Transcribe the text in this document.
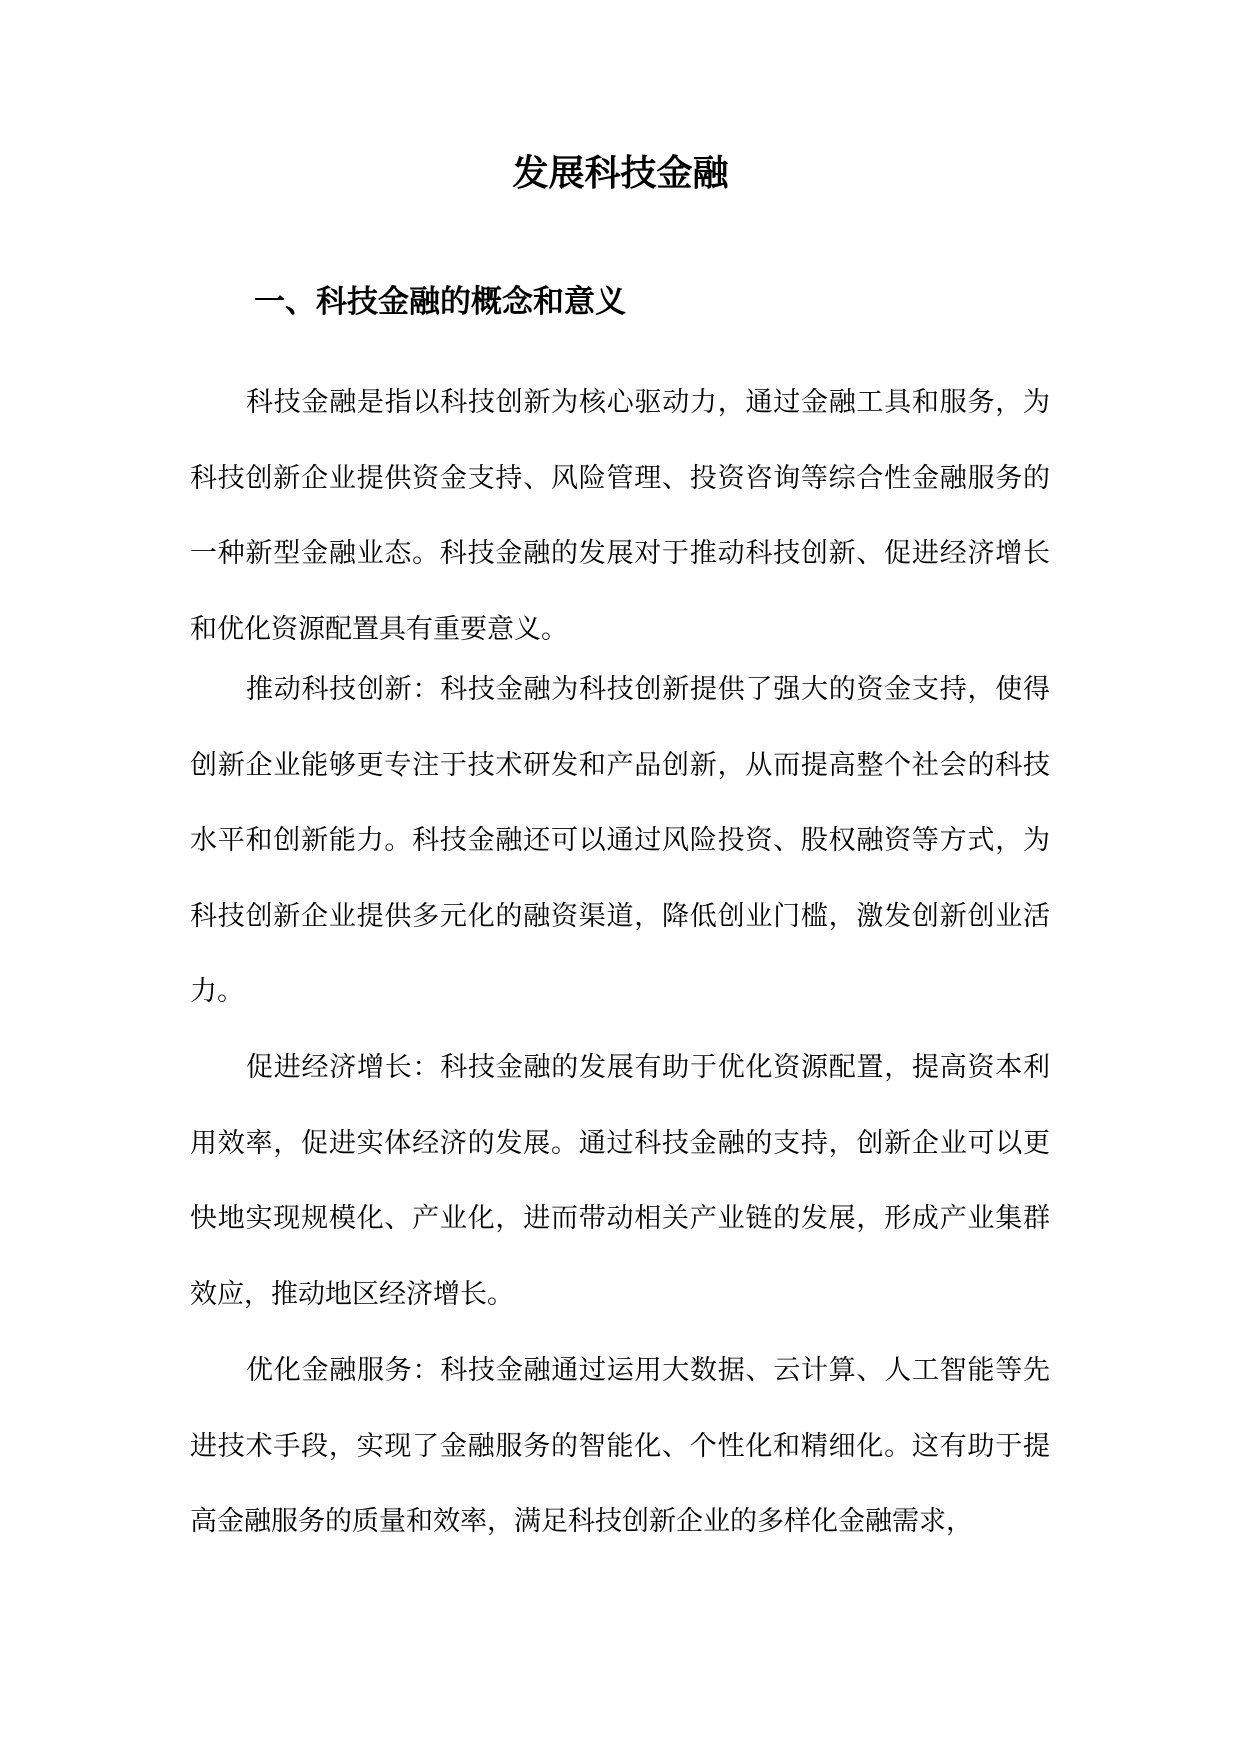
发展科技金融
一、科技金融的概念和意义

科技金融是指以科技创新为核心驱动力，通过金融工具和服务，为科技创新企业提供资金支持、风险管理、投资咨询等综合性金融服务的一种新型金融业态。科技金融的发展对于推动科技创新、促进经济增长和优化资源配置具有重要意义。

推动科技创新：科技金融为科技创新提供了强大的资金支持，使得创新企业能够更专注于技术研发和产品创新，从而提高整个社会的科技水平和创新能力。科技金融还可以通过风险投资、股权融资等方式，为科技创新企业提供多元化的融资渠道，降低创业门槛，激发创新创业活力。

促进经济增长：科技金融的发展有助于优化资源配置，提高资本利用效率，促进实体经济的发展。通过科技金融的支持，创新企业可以更快地实现规模化、产业化，进而带动相关产业链的发展，形成产业集群效应，推动地区经济增长。

优化金融服务：科技金融通过运用大数据、云计算、人工智能等先进技术手段，实现了金融服务的智能化、个性化和精细化。这有助于提高金融服务的质量和效率，满足科技创新企业的多样化金融需求，
